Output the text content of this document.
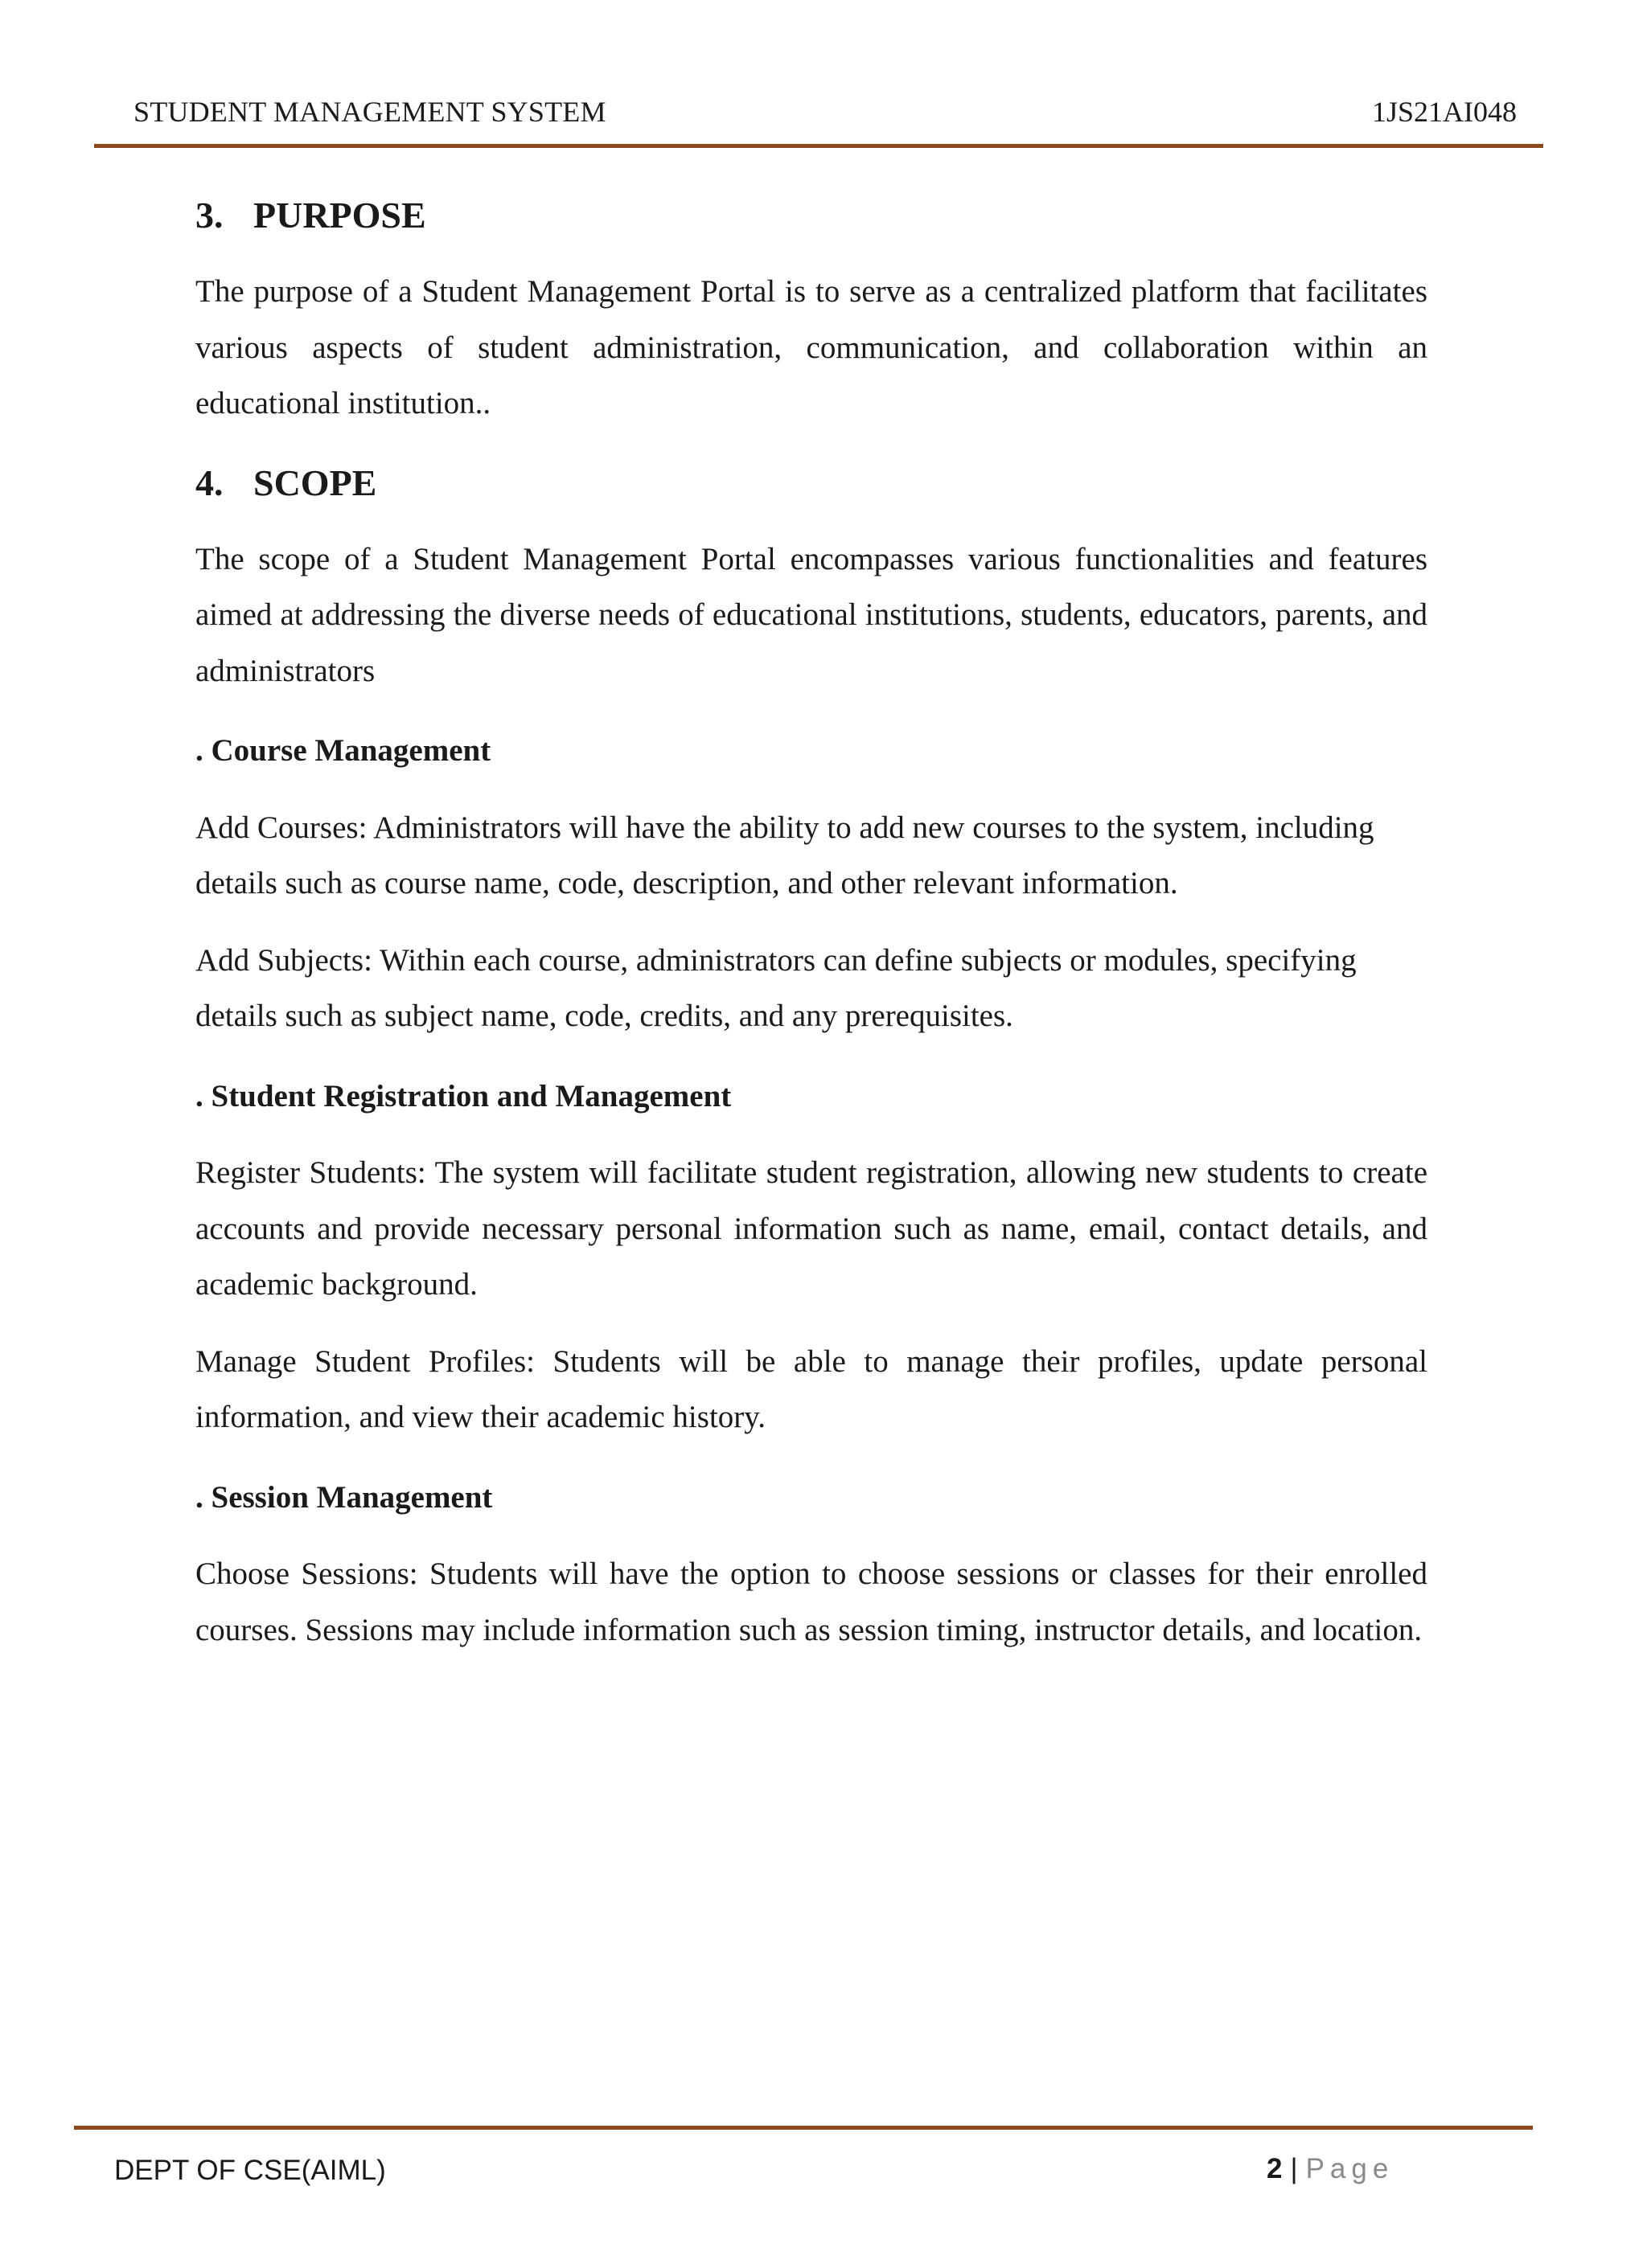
STUDENT MANAGEMENT SYSTEM	1JS21AI048
3. PURPOSE

The purpose of a Student Management Portal is to serve as a centralized platform that facilitates various aspects of student administration, communication, and collaboration within an educational institution..

4. SCOPE

The scope of a Student Management Portal encompasses various functionalities and features aimed at addressing the diverse needs of educational institutions, students, educators, parents, and administrators

. Course Management

Add Courses: Administrators will have the ability to add new courses to the system, including details such as course name, code, description, and other relevant information.

Add Subjects: Within each course, administrators can define subjects or modules, specifying details such as subject name, code, credits, and any prerequisites.

. Student Registration and Management

Register Students: The system will facilitate student registration, allowing new students to create accounts and provide necessary personal information such as name, email, contact details, and academic background.

Manage Student Profiles: Students will be able to manage their profiles, update personal information, and view their academic history.

. Session Management

Choose Sessions: Students will have the option to choose sessions or classes for their enrolled courses. Sessions may include information such as session timing, instructor details, and location.

DEPT OF CSE(AIML)	2 | Page
